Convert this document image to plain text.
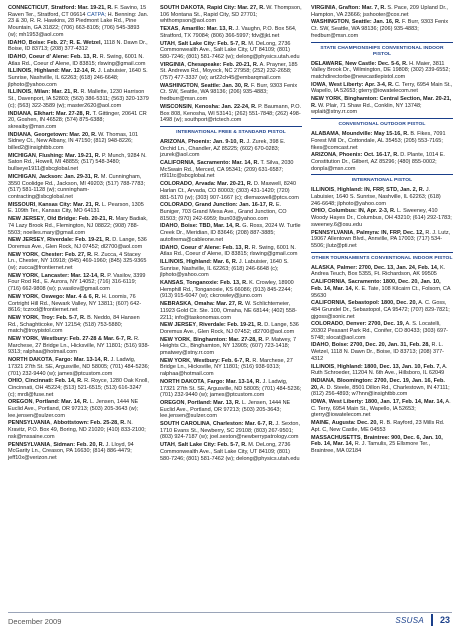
CONNECTICUT, Stratford: Mar. 19-21, R. F. Savino, 15 Raven Ter., Stratford, CT 06614 CATPA; H. Benning: Jan. 23 & 30, R. R. Hawkins, 28 Piedmont Lake Rd., Pine Mountain, GA 31822; (706) 663-8105; (706) 545-3893 (w); mh1953@aol.com
IDAHO, Boise: Feb. 27; R. E. Wetzel, 1118 N. Dawn Dr., Boise, ID 83713; (208) 377-4312
IDAHO, Coeur d' Alene: Feb. 13, R. R. Swing, 6001 N. Atlas Rd., Coeur d' Alene, ID 83815; rlswing@gmail.com
ILLINOIS, Highland: Mar. 12-14, R. J. Labuisier, 1640 S. Sunrise, Nashville, IL 62263; (618) 246-6648; jlphoto@yahoo.com
ILLINOIS, Milan: Mar. 21, R. R. Mallette, 1230 Harrison St., Davenport, IA 52803; (563) 386-5311; (563) 320-1379 (c); (563) 322-3589 (w); master2620@aol.com
INDIANA, Elkhart: Mar. 27-28, R. T. Gittinger, 20641 CR 20, Goshen, IN 46528; (574) 875-6388; skreaiby@msn.com
INDIANA, Georgetown: Mar. 20, R. W. Thomas, 101 Sidney Ct., New Albany, IN 47150; (812) 948-8226; billed2@insightbb.com
MICHIGAN, Flushing: Mar. 19-21, R. P. Munch, 9284 N. Saton Rd., Howell, MI 48855; (517) 548-3480; bullseye1911@sbcglobal.net
MICHIGAN, Jackson: Jan. 29-31, R. M. Cunningham, 3550 Coolidge Rd., Jackson, MI 49203; (517) 788-7783; (517) 581-1128 (w); cunningham-contracting@sbcglobal.net
MISSOURI, Kansas City: Mar. 21, R. L. Pearson, 1305 E. 109th Ter., Kansas City, MO 64131
NEW JERSEY, Old Bridge: Feb. 20-21, R. Mary Badiak, 74 Lazy Brook Rd., Flemington, NJ 08822; (908) 788-5503; noelles.mary@gmail.com
NEW JERSEY, Riverdale: Feb. 19-21, R. D. Lange, 536 Doremus Ave., Glen Rock, NJ 07452; dl2700@aol.com
NEW YORK, Chester: Feb. 27, R. R. Zucca, 4 Stacey Ln., Chester, NY 10918; (845) 469-1960; (845) 325-9365 (w); zucca@frontiernet.net
NEW YORK, Lancaster: Mar. 12-14, R. P. Vasilov, 3399 Four Rod Rd., E. Aurora, NY 14052; (716) 316-6119; (716) 662-9808 (w); p.vasilov@gmail.com
NEW YORK, Oswego: Mar. 4 & 6, R. H. Loomis, 76 Cortright Hill Rd., Newark Valley, NY 13811; (607) 642-8616; tczrxd@frontiernet.net
NEW YORK, Troy: Feb. 5-7, R. B. Neddo, 84 Hansen Rd., Schaghticoke, NY 12154; (518) 753-5880; match@troypistol.com
NEW YORK, Westbury: Feb. 27-28 & Mar. 6-7, R. R. Marchese, 27 Bridge Ln., Hicksville, NY 11801; (516) 938-9313; ralphaa@hotmail.com
NORTH DAKOTA, Fargo: Mar. 13-14, R. J. Ladwig, 17321 27th St. SE, Argusville, ND 58005; (701) 484-5236; (701) 232-9440 (w); james@ptcustom.com
OHIO, Cincinnati: Feb. 14, R. R. Royce, 1280 Oak Knoll, Cincinnati, OH 45224; (513) 521-6515; (513) 616-3247 (c); mrdl@fuse.net
OREGON, Portland: Mar. 14, R. L. Jensen, 1444 NE Euclid Ave., Portland, OR 97213; (503) 205-3643 (w); lee.jensen@sulzer.com
PENNSYLVANIA, Abbottstown: Feb. 25-28, R. N. Kravitz, P.O. Box 49, Boring, ND 21020; (410) 833-2100; nsk@mssaine.com
PENNSYLVANIA, Sidman: Feb. 20, R. J. Lloyd, 94 McGarity Ln., Creason, PA 16630; (814) 886-4479; jeff10x@verizon.net
SOUTH DAKOTA, Rapid City: Mar. 27, R. W. Thompson, 106 Montana St., Rapid City, SD 27701; whthompson@aol.com
TEXAS, Amarillo: Mar. 13, R. J. Vaughn, P.O. Box 564, Stratford, TX 79084; (806) 366-5997; fdv@jkt.net
UTAH, Salt Lake City: Feb. 5-7, R. M. DeLong, 2736 Commonwealth Ave., Salt Lake City, UT 84109; (801) 580-7246; (801) 581-7462 (w); delong@physics.utah.edu
VIRGINIA, Chesapeake: Feb. 20-21, R. A. Prayner, 185 St. Andrews Rd., Moyock, NC 27958; (252) 232-2658; (757) 477-3337 (w); art22ch45@embarqmail.com
WASHINGTON, Seattle: Jan. 30, R. F. Burr, 9303 Fenix Ct. SW, Seattle, WA 98136; (206) 935-4883; fredburr@msn.com
WISCONSIN, Kenosha: Jan. 22-24, R. P. Baumann, P.O. Box 808, Kenosha, WI 53141; (262) 551-7848; (262) 498-1498 (w); southport@rtctech.com
INTERNATIONAL FREE & STANDARD PISTOL
ARIZONA, Phoenix: Jan. 9-10, R. J. Zurek, 398 E. Orchid Ln., Chandler, AZ 85225; (602) 670-0283; jzurek@aol.com
CALIFORNIA, Sacramento: Mar. 14, R. T. Silva, 2030 McSwain Rd., Merced, CA 95341; (209) 631-6587; rt911tc@sbcglobal.net
COLORADO, Arvada: Mar. 20-21, R. D. Maxwell, 8240 Harlan Ct., Arvada, CO 80003; (303) 431-1420; (720) 881-5170 (w); (303) 907-1667 (c); dlemaxwell@ptcs.com
COLORADO, Grand Junction: Jan. 16-17, R. E. Buniger, 703 Grand Mesa Ave., Grand Junction, CO 81503; (970) 242-6959; lbun03@yahoo.com
IDAHO, Boise: TBD, Mar. 14, R. G. Ross, 2024 W. Turtle Creek Dr., Meridian, ID 83646; (208) 887-3885; autofirema@cableone.net
IDAHO, Coeur d' Alene: Feb. 13, R. R. Swing, 6001 N. Atlas Rd., Coeur d' Alene, ID 83815; rlswing@gmail.com
ILLINOIS, Highland: Mar. 6, R. J. Labuisier, 1640 S. Sunrise, Nashville, IL 62263; (618) 246-6648 (c); jlphoto@yahoo.com
KANSAS, Tonganoxie: Feb. 13, R. K. Crowley, 18900 Hemphill Rd., Tonganoxie, KS 66086; (913) 845-2244; (913) 915-6047 (w); ckcrowley@juno.com
NEBRASKA, Omaha: Mar. 27, R. W. Schlichtemeier, 11923 Gold Cir. Ste. 100, Omaha, NE 68144; (402) 558-2211; info@taskonomas.com
NEW JERSEY, Riverdale: Feb. 19-21, R. D. Lange, 536 Doremus Ave., Glen Rock, NJ 07452; dl2700@aol.com
NEW YORK, Binghamton: Mar. 27-28, R. P. Matwey, 7 Heights Ct., Binghamton, NY 13905; (607) 723-1418; pmatwey@stny.rr.com
NEW YORK, Westbury: Feb. 6-7, R. R. Marchese, 27 Bridge Ln., Hicksville, NY 11801; (516) 938-9313; ralphaa@hotmail.com
NORTH DAKOTA, Fargo: Mar. 13-14, R. J. Ladwig, 17321 27th St. SE, Argusville, ND 58005; (701) 484-5236; (701) 232-9440 (w); james@ptcustom.com
OREGON, Portland: Mar. 13, R. L. Jensen, 1444 NE Euclid Ave., Portland, OR 97213; (503) 205-3643; lee.jensen@sulzer.com
SOUTH CAROLINA, Charleston: Mar. 6-7, R. J. Sexton, 1710 Evans St., Newberry, SC 29108; (803) 267-9501; (803) 924-7187 (w); joel.sexton@newberrypatrology.com
UTAH, Salt Lake City: Feb. 5-7, R. M. DeLong, 2736 Commonwealth Ave., Salt Lake City, UT 84109; (801) 580-7246; (801) 581-7462 (w); delong@physics.utah.edu
VIRGINIA, Grafton: Mar. 7, R. S. Pace, 209 Upland Dr., Hampton, VA 23666; jsshooter@cox.net
WASHINGTON, Seattle: Jan. 16, R. F. Burr, 9303 Fenix Ct. SW, Seattle, WA 98136; (206) 935-4883; fredburr@msn.com
STATE CHAMPIONSHIPS CONVENTIONAL INDOOR PISTOL
DELAWARE, New Castle: Dec. 5-6, R. H. Maier, 3811 Valley Brook Dr., Wilmington, DE 19808; (302) 239-6552; matchdirectorbe@newcastlepistol.com
IOWA, West Liberty: Apr. 3-4, R. C. Terry, 6954 Main St., Wapello, IA 52653; gterry@iowatelecom.net
NEW YORK, Binghamton: Central Section, Mar. 20-21, R. W. Plair, 71 Shaw Rd., Conklin, NY 13748; wplait@stny.rr.com
CONVENTIONAL OUTDOOR PISTOL
ALABAMA, Moundville: May 15-16, R. B. Fikes, 7091 Forest Mill Dr., Cottondale, AL 35453; (205) 553-7165; fikes@comcast.net
ARIZONA, Phoenix: Oct. 16-17, R. D. Plante, 1014 E. Constitution Dr., Gilbert, AZ 85296; (480) 855-0002; donpla@msn.com
INTERNATIONAL PISTOL
ILLINOIS, Highland: IN, FRP, STD, Jan. 2, R. J. Labuisier, 1640 S. Sunrise, Nashville, IL 62263; (618) 246-6648; jlphoto@yahoo.com
OHIO, Columbus: IN, Apr. 2-3, R. L. Sweeney, 410 Woody Hayes Dr., Columbus, OH 43210; (614) 292-1783; sweeney.6@osu.edu
PENNSYLVANIA, Palmyra: IN, FRP, Dec. 12, R. J. Lutz, 19067 Allentown Blvd., Annville, PA 17003; (717) 534-5506; jlutz@pti.net
OTHER TOURNAMENTS CONVENTIONAL INDOOR PISTOL
ALASKA, Palmer: 2700, Dec. 13, Jan. 24, Feb. 14, K. Andrea Teuch, Box 5355, Ft. Richardson, AK 99505
CALIFORNIA, Sacramento: 1800, Dec. 20, Jan. 10, Feb. 14, Mar. 14, K. E. Tate, 108 Kilcairn Ct., Folsom, CA 95630
CALIFORNIA, Sebastopol: 1800, Dec. 20, A. C. Goss, 484 Grundel Dr., Sebastopol, CA 95472; (707) 829-7821; gjgoss@sonic.net
COLORADO, Denver: 2700, Dec. 19, A. S. Locatelli, 20302 Peasant Park Rd., Conifer, CO 80433; (303) 697-5748; slocat@aol.com
IDAHO, Boise: 2700, Dec. 20, Jan. 31, Feb. 28, R. L. Wetzel, 1118 N. Dawn Dr., Boise, ID 83713; (208) 377-4312
ILLINOIS, Highland: 1800, Dec. 13, Jan. 10, Feb. 7, A. Ruth Schroeder, 11204 N. 6th Ave., Hillsboro, IL 62049
INDIANA, Bloomington: 2700, Dec. 19, Jan. 16, Feb. 20, A. D. Steele, 8501 Dillon Rd., Charlestown, IN 47111; (812) 256-4893; w7hnn@insightbb.com
IOWA, West Liberty: 1800, Jan. 17, Feb. 14, Mar. 14, A. C. Terry, 6954 Main St., Wapello, IA 52653; gterry@iowatelecom.net
MAINE, Augusta: Dec. 20, R. B. Rayford, 23 Mills Rd. Apt. C, New Castle, ME 04553
MASSACHUSETTS, Braintree: 900, Dec. 6, Jan. 10, Feb. 14, Mar. 14, R. J. Tamulis, 25 Ellsmore Ter., Braintree, MA 02184
December 2009	SSUSA 23
